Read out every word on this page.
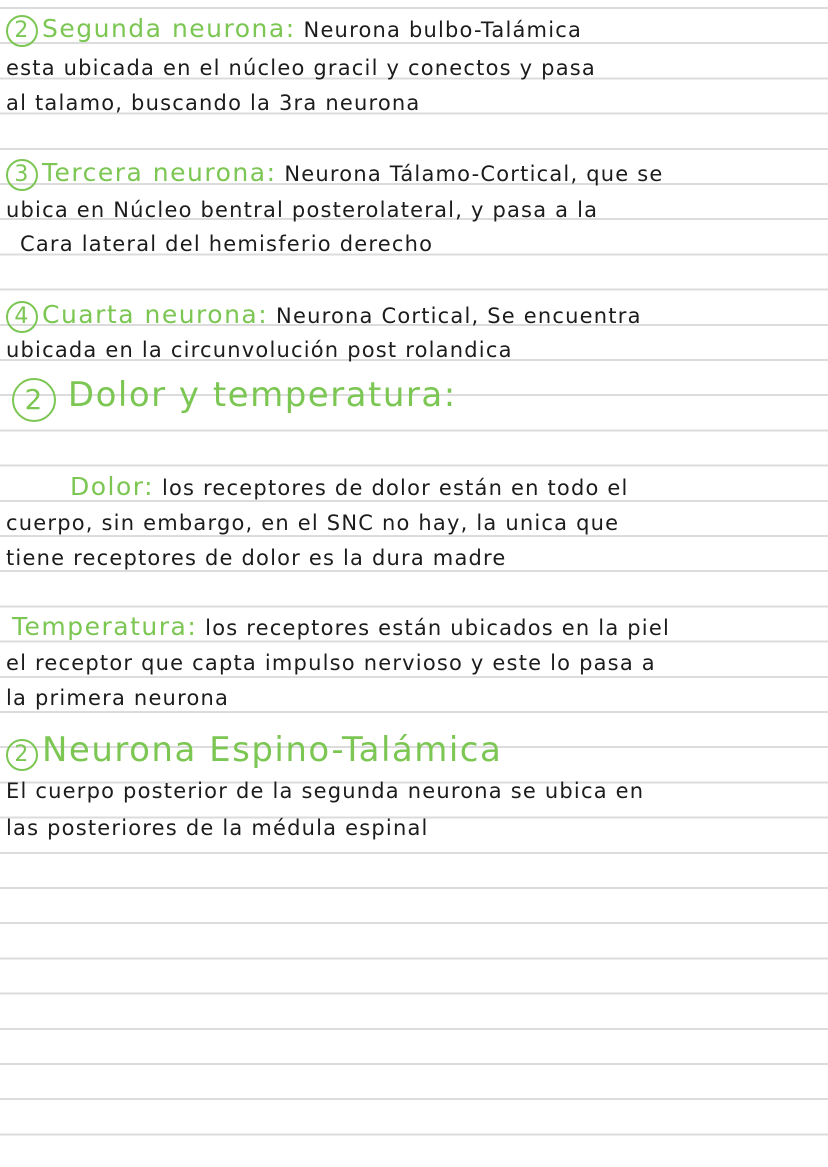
2 Segunda neurona: Neurona bulbo-Talámica
esta ubicada en el núcleo gracil y conectos y pasa
al talamo, buscando la 3ra neurona
3 Tercera neurona: Neurona Tálamo-Cortical, que se
ubica en Núcleo bentral posterolateral, y pasa a la
Cara lateral del hemisferio derecho
4 Cuarta neurona: Neurona Cortical, Se encuentra
ubicada en la circunvolución post rolandica
2 Dolor y temperatura:
Dolor: los receptores de dolor están en todo el
cuerpo, sin embargo, en el SNC no hay, la unica que
tiene receptores de dolor es la dura madre
Temperatura: los receptores están ubicados en la piel
el receptor que capta impulso nervioso y este lo pasa a
la primera neurona
2 Neurona Espino-Talámica
El cuerpo posterior de la segunda neurona se ubica en
las posteriores de la médula espinal
